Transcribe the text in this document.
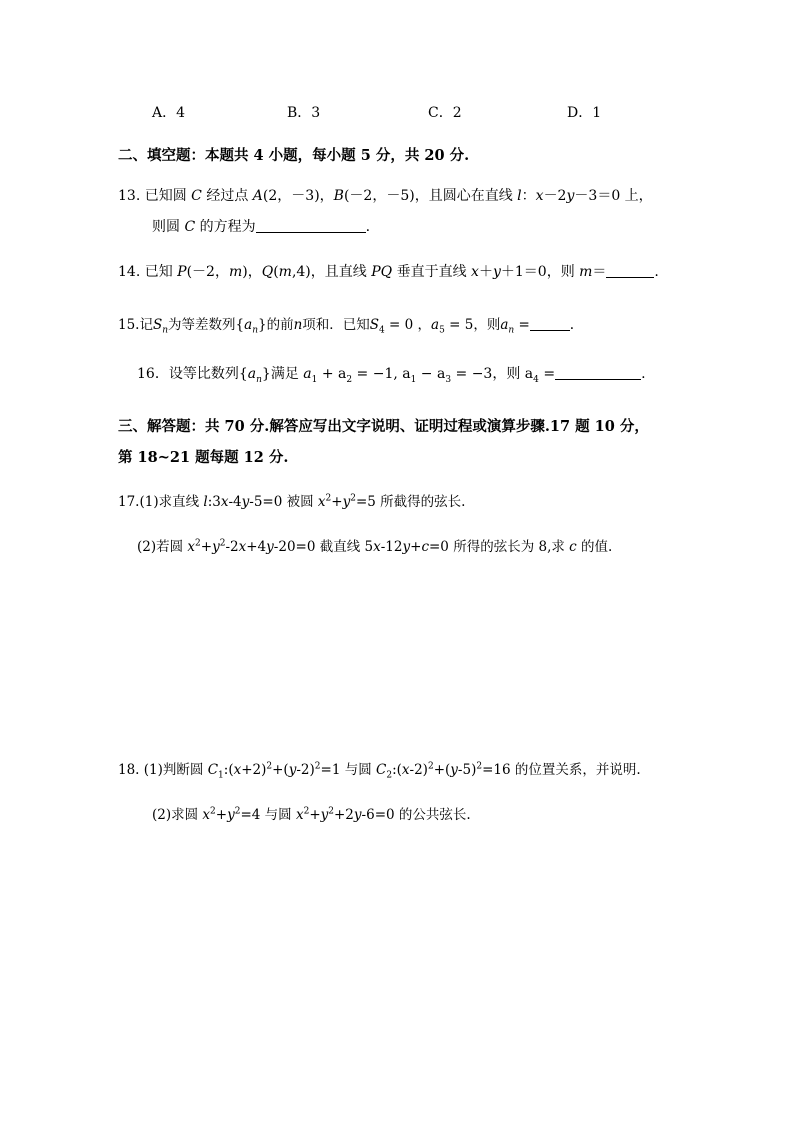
A．4	B．3	C．2	D．1
二、填空题：本题共 4 小题，每小题 5 分，共 20 分.
13. 已知圆 C 经过点 A(2，－3)，B(－2，－5)，且圆心在直线 l：x－2y－3＝0 上，
则圆 C 的方程为	.
14. 已知 P(－2，m)，Q(m,4)，且直线 PQ 垂直于直线 x＋y＋1＝0，则 m＝	.
15.记$S_n$为等差数列$\{a_n\}$的前n项和．已知$S_4 = 0$ ，$a_5 = 5$，则$a_n$ =	.
16．设等比数列$\{a_n\}$满足 $a_1 + a_2 = -1$, $a_1 - a_3 = -3$，则 $a_4$ =	.
三、解答题：共 70 分.解答应写出文字说明、证明过程或演算步骤.17 题 10 分，
第 18~21 题每题 12 分.
17.(1)求直线 l:3x-4y-5=0 被圆 $x^2+y^2=5$ 所截得的弦长.
(2)若圆 $x^2+y^2-2x+4y-20=0$ 截直线 5x-12y+c=0 所得的弦长为 8,求 c 的值.
18. (1)判断圆 $C_1:(x+2)^2+(y-2)^2=1$ 与圆 $C_2:(x-2)^2+(y-5)^2=16$ 的位置关系，并说明.
(2)求圆 $x^2+y^2=4$ 与圆 $x^2+y^2+2y-6=0$ 的公共弦长.
